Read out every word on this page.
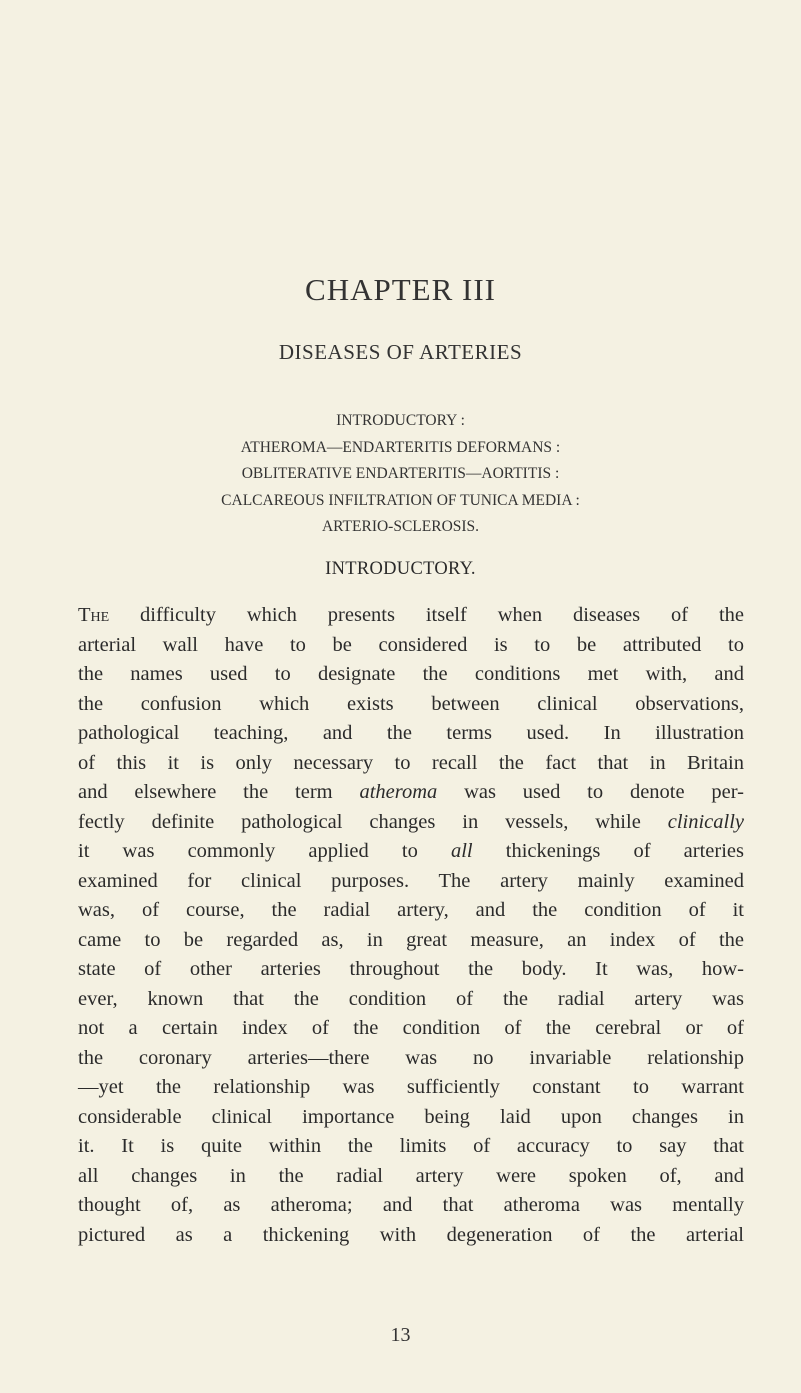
CHAPTER III
DISEASES OF ARTERIES
INTRODUCTORY :
ATHEROMA—ENDARTERITIS DEFORMANS :
OBLITERATIVE ENDARTERITIS—AORTITIS :
CALCAREOUS INFILTRATION OF TUNICA MEDIA :
ARTERIO-SCLEROSIS.
INTRODUCTORY.
The difficulty which presents itself when diseases of the
arterial wall have to be considered is to be attributed to
the names used to designate the conditions met with, and
the confusion which exists between clinical observations,
pathological teaching, and the terms used. In illustration
of this it is only necessary to recall the fact that in Britain
and elsewhere the term atheroma was used to denote per-
fectly definite pathological changes in vessels, while clinically
it was commonly applied to all thickenings of arteries
examined for clinical purposes. The artery mainly examined
was, of course, the radial artery, and the condition of it
came to be regarded as, in great measure, an index of the
state of other arteries throughout the body. It was, how-
ever, known that the condition of the radial artery was
not a certain index of the condition of the cerebral or of
the coronary arteries—there was no invariable relationship
—yet the relationship was sufficiently constant to warrant
considerable clinical importance being laid upon changes in
it. It is quite within the limits of accuracy to say that
all changes in the radial artery were spoken of, and
thought of, as atheroma; and that atheroma was mentally
pictured as a thickening with degeneration of the arterial
13
